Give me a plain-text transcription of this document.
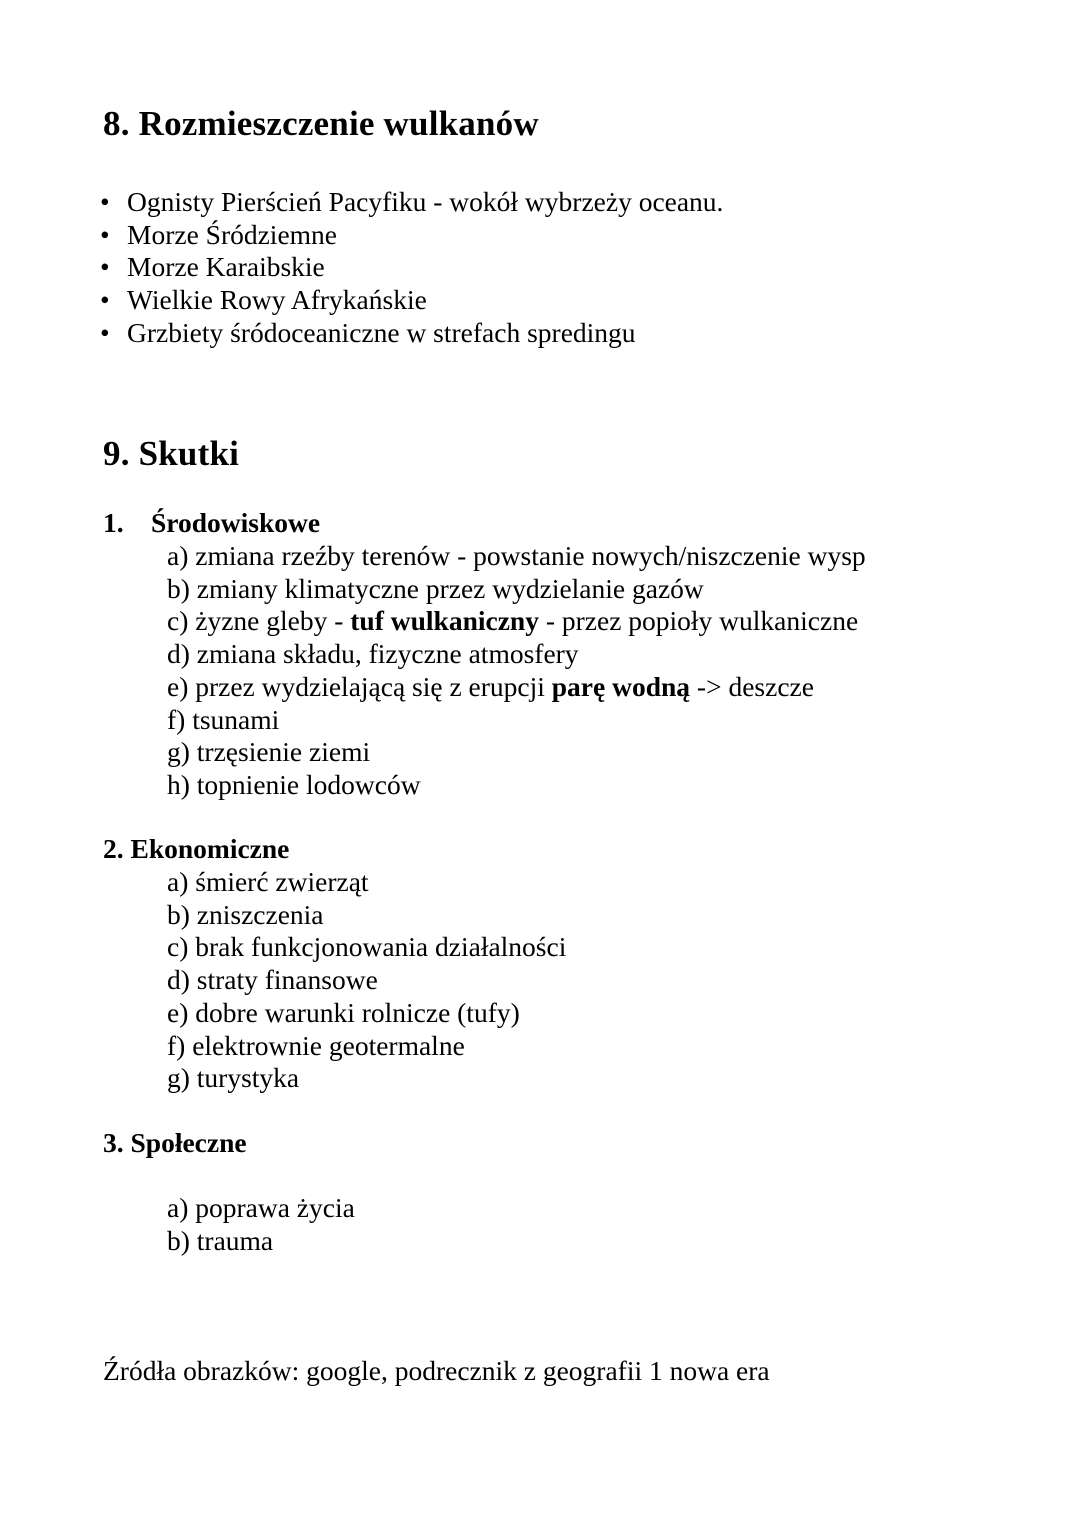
8. Rozmieszczenie wulkanów
• Ognisty Pierścień Pacyfiku - wokół wybrzeży oceanu.
• Morze Śródziemne
• Morze Karaibskie
• Wielkie Rowy Afrykańskie
• Grzbiety śródoceaniczne w strefach spredingu
9. Skutki
1. Środowiskowe
a) zmiana rzeźby terenów - powstanie nowych/niszczenie wysp
b) zmiany klimatyczne przez wydzielanie gazów
c) żyzne gleby - tuf wulkaniczny - przez popioły wulkaniczne
d) zmiana składu, fizyczne atmosfery
e) przez wydzielającą się z erupcji parę wodną -> deszcze
f) tsunami
g) trzęsienie ziemi
h) topnienie lodowców
2. Ekonomiczne
a) śmierć zwierząt
b) zniszczenia
c) brak funkcjonowania działalności
d) straty finansowe
e) dobre warunki rolnicze (tufy)
f) elektrownie geotermalne
g) turystyka
3. Społeczne
a) poprawa życia
b) trauma
Źródła obrazków: google, podrecznik z geografii 1 nowa era
